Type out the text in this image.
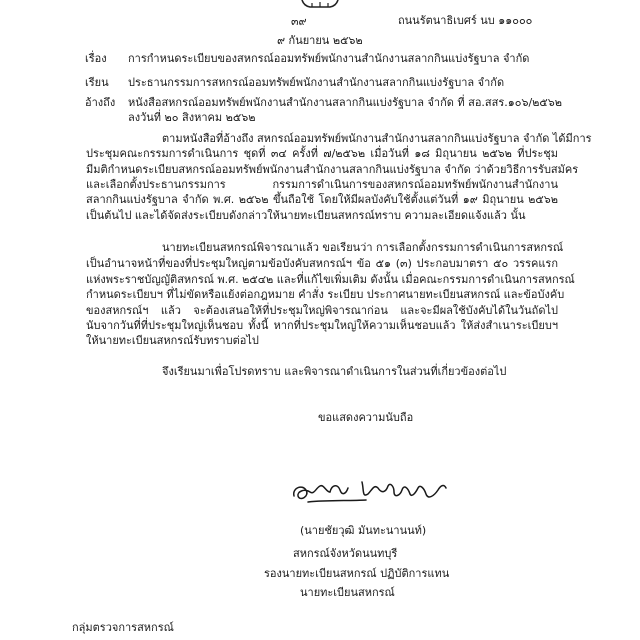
๓๙	ถนนรัตนาธิเบศร์ นบ ๑๑๐๐๐
๙ กันยายน ๒๕๖๒
เรื่อง การกำหนดระเบียบของสหกรณ์ออมทรัพย์พนักงานสำนักงานสลากกินแบ่งรัฐบาล จำกัด
เรียน ประธานกรรมการสหกรณ์ออมทรัพย์พนักงานสำนักงานสลากกินแบ่งรัฐบาล จำกัด
อ้างถึง หนังสือสหกรณ์ออมทรัพย์พนักงานสำนักงานสลากกินแบ่งรัฐบาล จำกัด ที่ สอ.สสร.๑๐๖/๒๕๖๒
ลงวันที่ ๒๐ สิงหาคม ๒๕๖๒
ตามหนังสือที่อ้างถึง สหกรณ์ออมทรัพย์พนักงานสำนักงานสลากกินแบ่งรัฐบาล จำกัด ได้มีการ
ประชุมคณะกรรมการดำเนินการ ชุดที่ ๓๔ ครั้งที่ ๗/๒๕๖๒ เมื่อวันที่ ๑๘ มิถุนายน ๒๕๖๒ ที่ประชุม
มีมติกำหนดระเบียบสหกรณ์ออมทรัพย์พนักงานสำนักงานสลากกินแบ่งรัฐบาล จำกัด ว่าด้วยวิธีการรับสมัคร
และเลือกตั้งประธานกรรมการ กรรมการดำเนินการของสหกรณ์ออมทรัพย์พนักงานสำนักงาน
สลากกินแบ่งรัฐบาล จำกัด พ.ศ. ๒๕๖๒ ขึ้นถือใช้ โดยให้มีผลบังคับใช้ตั้งแต่วันที่ ๑๙ มิถุนายน ๒๕๖๒
เป็นต้นไป และได้จัดส่งระเบียบดังกล่าวให้นายทะเบียนสหกรณ์ทราบ ความละเอียดแจ้งแล้ว นั้น
นายทะเบียนสหกรณ์พิจารณาแล้ว ขอเรียนว่า การเลือกตั้งกรรมการดำเนินการสหกรณ์
เป็นอำนาจหน้าที่ของที่ประชุมใหญ่ตามข้อบังคับสหกรณ์ฯ ข้อ ๕๑ (๓) ประกอบมาตรา ๕๐ วรรคแรก
แห่งพระราชบัญญัติสหกรณ์ พ.ศ. ๒๕๔๒ และที่แก้ไขเพิ่มเติม ดังนั้น เมื่อคณะกรรมการดำเนินการสหกรณ์
กำหนดระเบียบฯ ที่ไม่ขัดหรือแย้งต่อกฎหมาย คำสั่ง ระเบียบ ประกาศนายทะเบียนสหกรณ์ และข้อบังคับ
ของสหกรณ์ฯ แล้ว จะต้องเสนอให้ที่ประชุมใหญ่พิจารณาก่อน และจะมีผลใช้บังคับได้ในวันถัดไป
นับจากวันที่ที่ประชุมใหญ่เห็นชอบ ทั้งนี้ หากที่ประชุมใหญ่ให้ความเห็นชอบแล้ว ให้ส่งสำเนาระเบียบฯ
ให้นายทะเบียนสหกรณ์รับทราบต่อไป
จึงเรียนมาเพื่อโปรดทราบ และพิจารณาดำเนินการในส่วนที่เกี่ยวข้องต่อไป
ขอแสดงความนับถือ
(นายชัยวุฒิ มันทะนานนท์)
สหกรณ์จังหวัดนนทบุรี
รองนายทะเบียนสหกรณ์ ปฏิบัติการแทน
นายทะเบียนสหกรณ์
กลุ่มตรวจการสหกรณ์
